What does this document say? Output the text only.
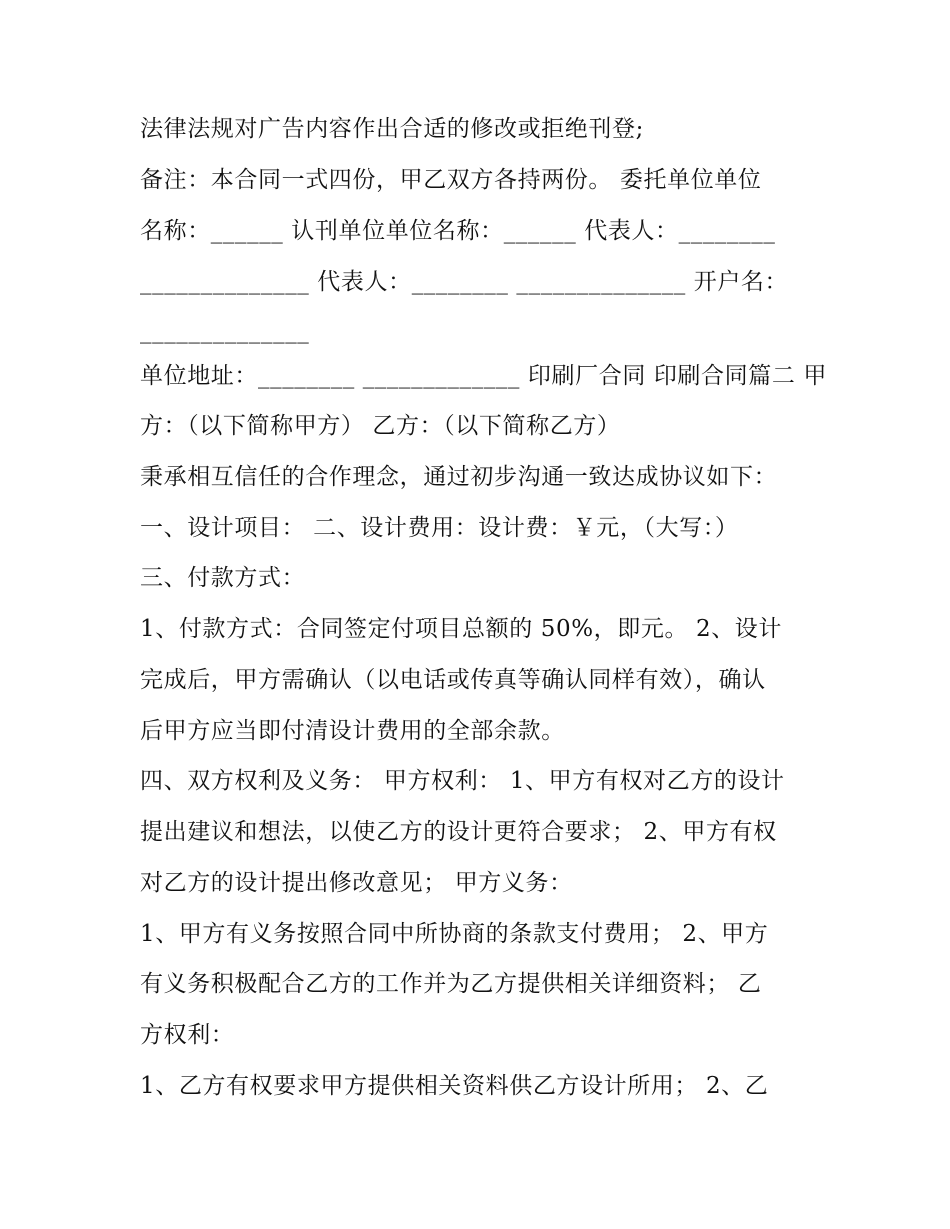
法律法规对广告内容作出合适的修改或拒绝刊登;
备注：本合同一式四份，甲乙双方各持两份。 委托单位单位
名称：______ 认刊单位单位名称：______ 代表人：________
______________ 代表人：________ ______________ 开户名：
______________
单位地址：________ _____________ 印刷厂合同 印刷合同篇二 甲
方：（以下简称甲方） 乙方：（以下简称乙方）
秉承相互信任的合作理念，通过初步沟通一致达成协议如下：
一、设计项目： 二、设计费用：设计费：￥元，（大写：）
三、付款方式：
1、付款方式：合同签定付项目总额的 50%，即元。 2、设计
完成后，甲方需确认（以电话或传真等确认同样有效），确认
后甲方应当即付清设计费用的全部余款。
四、双方权利及义务： 甲方权利： 1、甲方有权对乙方的设计
提出建议和想法，以使乙方的设计更符合要求； 2、甲方有权
对乙方的设计提出修改意见； 甲方义务：
1、甲方有义务按照合同中所协商的条款支付费用； 2、甲方
有义务积极配合乙方的工作并为乙方提供相关详细资料； 乙
方权利：
1、乙方有权要求甲方提供相关资料供乙方设计所用； 2、乙
